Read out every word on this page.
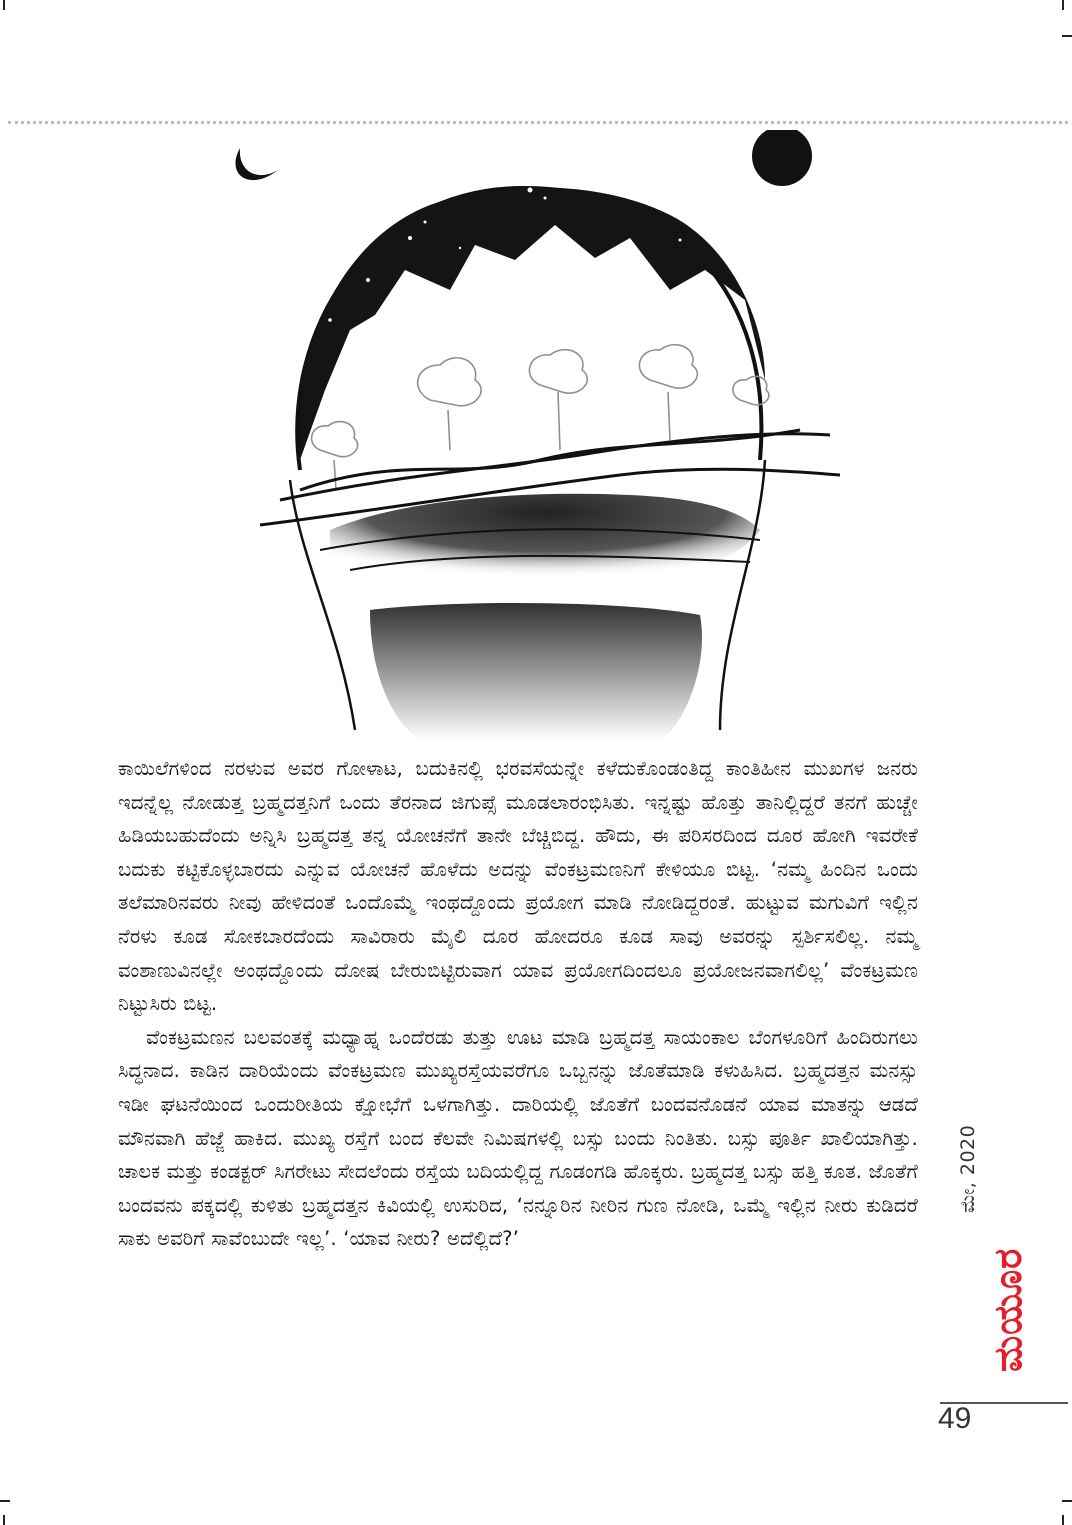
ಕಾಯಿಲೆಗಳಿಂದ ನರಳುವ ಅವರ ಗೋಳಾಟ, ಬದುಕಿನಲ್ಲಿ ಭರವಸೆಯನ್ನೇ ಕಳೆದುಕೊಂಡಂತಿದ್ದ ಕಾಂತಿಹೀನ ಮುಖಗಳ ಜನರು ಇದನ್ನೆಲ್ಲ ನೋಡುತ್ತ ಬ್ರಹ್ಮದತ್ತನಿಗೆ ಒಂದು ತೆರನಾದ ಜಿಗುಪ್ಸೆ ಮೂಡಲಾರಂಭಿಸಿತು. ಇನ್ನಷ್ಟು ಹೊತ್ತು ತಾನಿಲ್ಲಿದ್ದರೆ ತನಗೆ ಹುಚ್ಚೇ ಹಿಡಿಯಬಹುದೆಂದು ಅನ್ನಿಸಿ ಬ್ರಹ್ಮದತ್ತ ತನ್ನ ಯೋಚನೆಗೆ ತಾನೇ ಬೆಚ್ಚಿಬಿದ್ದ. ಹೌದು, ಈ ಪರಿಸರದಿಂದ ದೂರ ಹೋಗಿ ಇವರೇಕೆ ಬದುಕು ಕಟ್ಟಿಕೊಳ್ಳಬಾರದು ಎನ್ನುವ ಯೋಚನೆ ಹೊಳೆದು ಅದನ್ನು ವೆಂಕಟ್ರಮಣನಿಗೆ ಕೇಳಿಯೂ ಬಿಟ್ಟ. ‘ನಮ್ಮ ಹಿಂದಿನ ಒಂದು ತಲೆಮಾರಿನವರು ನೀವು ಹೇಳಿದಂತೆ ಒಂದೊಮ್ಮೆ ಇಂಥದ್ದೊಂದು ಪ್ರಯೋಗ ಮಾಡಿ ನೋಡಿದ್ದರಂತೆ. ಹುಟ್ಟುವ ಮಗುವಿಗೆ ಇಲ್ಲಿನ ನೆರಳು ಕೂಡ ಸೋಕಬಾರದೆಂದು ಸಾವಿರಾರು ಮೈಲಿ ದೂರ ಹೋದರೂ ಕೂಡ ಸಾವು ಅವರನ್ನು ಸ್ಪರ್ಶಿಸಲಿಲ್ಲ. ನಮ್ಮ ವಂಶಾಣುವಿನಲ್ಲೇ ಅಂಥದ್ದೊಂದು ದೋಷ ಬೇರುಬಿಟ್ಟಿರುವಾಗ ಯಾವ ಪ್ರಯೋಗದಿಂದಲೂ ಪ್ರಯೋಜನವಾಗಲಿಲ್ಲ’ ವೆಂಕಟ್ರಮಣ ನಿಟ್ಟುಸಿರು ಬಿಟ್ಟ.

ವೆಂಕಟ್ರಮಣನ ಬಲವಂತಕ್ಕೆ ಮಧ್ಯಾಹ್ನ ಒಂದೆರಡು ತುತ್ತು ಊಟ ಮಾಡಿ ಬ್ರಹ್ಮದತ್ತ ಸಾಯಂಕಾಲ ಬೆಂಗಳೂರಿಗೆ ಹಿಂದಿರುಗಲು ಸಿದ್ಧನಾದ. ಕಾಡಿನ ದಾರಿಯೆಂದು ವೆಂಕಟ್ರಮಣ ಮುಖ್ಯರಸ್ತೆಯವರೆಗೂ ಒಬ್ಬನನ್ನು ಜೊತೆಮಾಡಿ ಕಳುಹಿಸಿದ. ಬ್ರಹ್ಮದತ್ತನ ಮನಸ್ಸು ಇಡೀ ಘಟನೆಯಿಂದ ಒಂದುರೀತಿಯ ಕ್ಷೋಭೆಗೆ ಒಳಗಾಗಿತ್ತು. ದಾರಿಯಲ್ಲಿ ಜೊತೆಗೆ ಬಂದವನೊಡನೆ ಯಾವ ಮಾತನ್ನು ಆಡದೆ ಮೌನವಾಗಿ ಹೆಜ್ಜೆ ಹಾಕಿದ. ಮುಖ್ಯ ರಸ್ತೆಗೆ ಬಂದ ಕೆಲವೇ ನಿಮಿಷಗಳಲ್ಲಿ ಬಸ್ಸು ಬಂದು ನಿಂತಿತು. ಬಸ್ಸು ಪೂರ್ತಿ ಖಾಲಿಯಾಗಿತ್ತು. ಚಾಲಕ ಮತ್ತು ಕಂಡಕ್ಟರ್ ಸಿಗರೇಟು ಸೇದಲೆಂದು ರಸ್ತೆಯ ಬದಿಯಲ್ಲಿದ್ದ ಗೂಡಂಗಡಿ ಹೊಕ್ಕರು. ಬ್ರಹ್ಮದತ್ತ ಬಸ್ಸು ಹತ್ತಿ ಕೂತ. ಜೊತೆಗೆ ಬಂದವನು ಪಕ್ಕದಲ್ಲಿ ಕುಳಿತು ಬ್ರಹ್ಮದತ್ತನ ಕಿವಿಯಲ್ಲಿ ಉಸುರಿದ, ‘ನನ್ನೂರಿನ ನೀರಿನ ಗುಣ ನೋಡಿ, ಒಮ್ಮೆ ಇಲ್ಲಿನ ನೀರು ಕುಡಿದರೆ ಸಾಕು ಅವರಿಗೆ ಸಾವೆಂಬುದೇ ಇಲ್ಲ’. ‘ಯಾವ ನೀರು? ಅದೆಲ್ಲಿದೆ?’

ಮೇ, 2020
ಮಯೂರ
49
